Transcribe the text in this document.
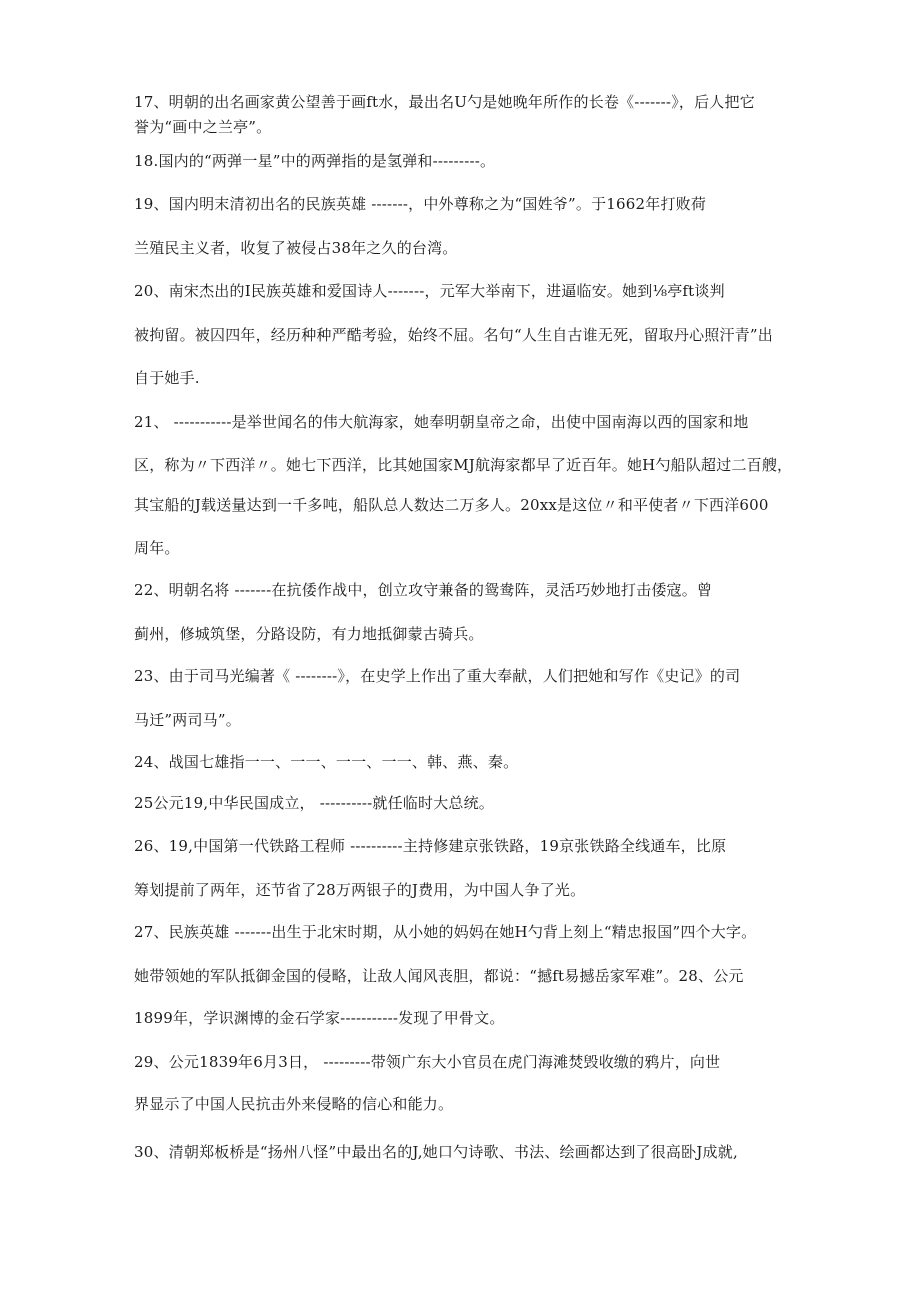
17、明朝的出名画家黄公望善于画ft水，最出名U勺是她晚年所作的长卷《-------》，后人把它
誉为“画中之兰亭”。
18.国内的“两弹一星”中的两弹指的是氢弹和---------。
19、国内明末清初出名的民族英雄 -------，中外尊称之为“国姓爷”。于1662年打败荷
兰殖民主义者，收复了被侵占38年之久的台湾。
20、南宋杰出的I民族英雄和爱国诗人-------，元军大举南下，进逼临安。她到⅛亭ft谈判
被拘留。被囚四年，经历种种严酷考验，始终不屈。名句“人生自古谁无死，留取丹心照汗青”出
自于她手.
21、 -----------是举世闻名的伟大航海家，她奉明朝皇帝之命，出使中国南海以西的国家和地
区，称为〃下西洋〃。她七下西洋，比其她国家MJ航海家都早了近百年。她H勺船队超过二百艘，
其宝船的J载送量达到一千多吨，船队总人数达二万多人。20xx是这位〃和平使者〃下西洋600
周年。
22、明朝名将 -------在抗倭作战中，创立攻守兼备的鸳鸯阵，灵活巧妙地打击倭寇。曾
蓟州，修城筑堡，分路设防，有力地抵御蒙古骑兵。
23、由于司马光编著《 --------》，在史学上作出了重大奉献，人们把她和写作《史记》的司
马迁”两司马”。
24、战国七雄指一一、一一、一一、一一、韩、燕、秦。
25公元19,中华民国成立， ----------就任临时大总统。
26、19,中国第一代铁路工程师 ----------主持修建京张铁路，19京张铁路全线通车，比原
筹划提前了两年，还节省了28万两银子的J费用，为中国人争了光。
27、民族英雄 -------出生于北宋时期，从小她的妈妈在她H勺背上刻上“精忠报国”四个大字。
她带领她的军队抵御金国的侵略，让敌人闻风丧胆，都说：“撼ft易撼岳家军难”。28、公元
1899年，学识渊博的金石学家-----------发现了甲骨文。
29、公元1839年6月3日， ---------带领广东大小官员在虎门海滩焚毁收缴的鸦片，向世
界显示了中国人民抗击外来侵略的信心和能力。
30、清朝郑板桥是“扬州八怪”中最出名的J,她口勺诗歌、书法、绘画都达到了很高卧J成就,
